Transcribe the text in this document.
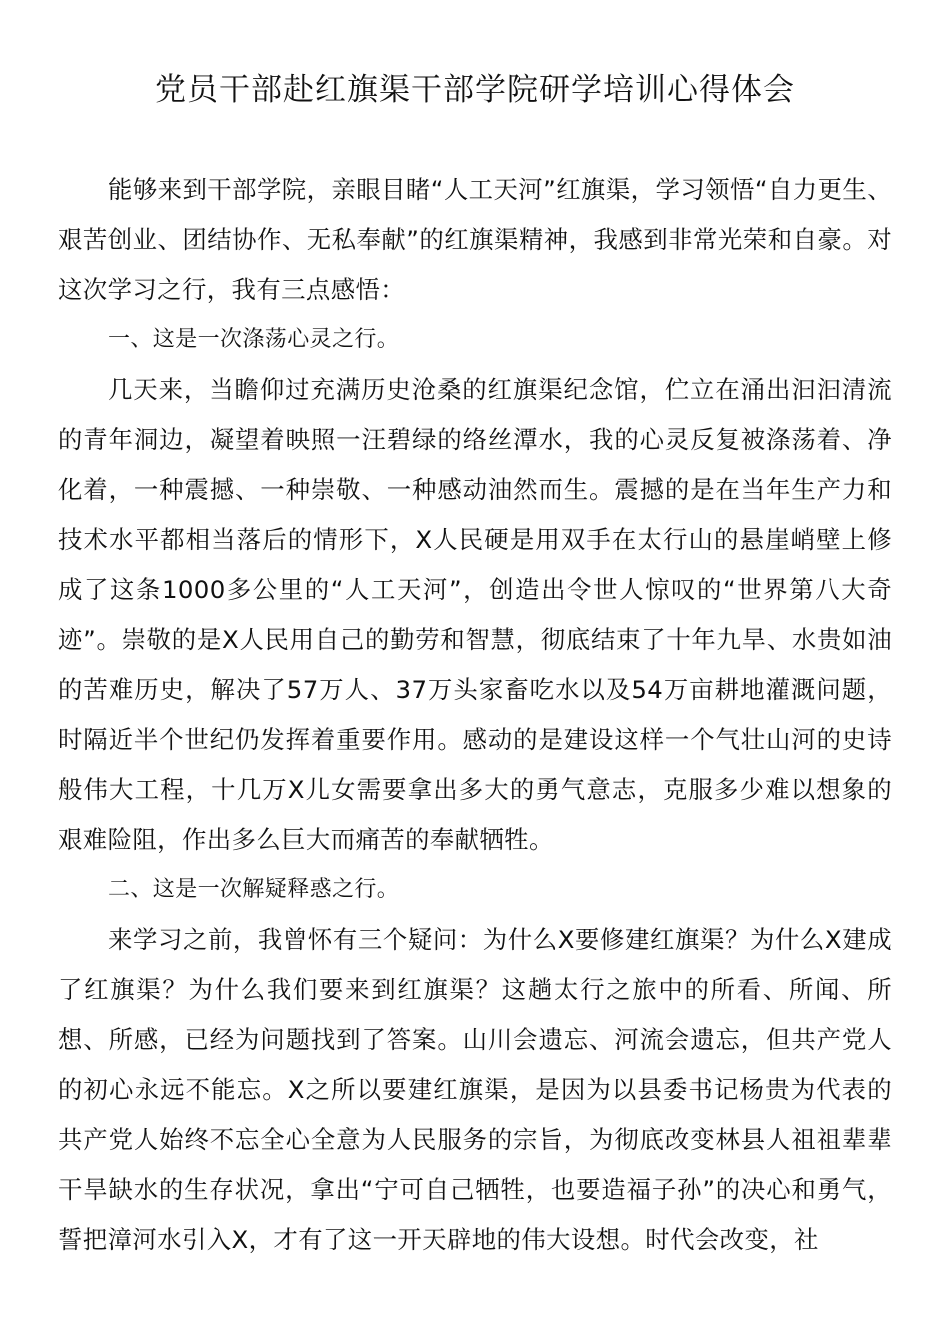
党员干部赴红旗渠干部学院研学培训心得体会

能够来到干部学院，亲眼目睹“人工天河”红旗渠，学习领悟“自力更生、艰苦创业、团结协作、无私奉献”的红旗渠精神，我感到非常光荣和自豪。对这次学习之行，我有三点感悟：

一、这是一次涤荡心灵之行。

几天来，当瞻仰过充满历史沧桑的红旗渠纪念馆，伫立在涌出汩汩清流的青年洞边，凝望着映照一汪碧绿的络丝潭水，我的心灵反复被涤荡着、净化着，一种震撼、一种崇敬、一种感动油然而生。震撼的是在当年生产力和技术水平都相当落后的情形下，X人民硬是用双手在太行山的悬崖峭壁上修成了这条1000多公里的“人工天河”，创造出令世人惊叹的“世界第八大奇迹”。崇敬的是X人民用自己的勤劳和智慧，彻底结束了十年九旱、水贵如油的苦难历史，解决了57万人、37万头家畜吃水以及54万亩耕地灌溉问题，时隔近半个世纪仍发挥着重要作用。感动的是建设这样一个气壮山河的史诗般伟大工程，十几万X儿女需要拿出多大的勇气意志，克服多少难以想象的艰难险阻，作出多么巨大而痛苦的奉献牺牲。

二、这是一次解疑释惑之行。

来学习之前，我曾怀有三个疑问：为什么X要修建红旗渠？为什么X建成了红旗渠？为什么我们要来到红旗渠？这趟太行之旅中的所看、所闻、所想、所感，已经为问题找到了答案。山川会遗忘、河流会遗忘，但共产党人的初心永远不能忘。X之所以要建红旗渠，是因为以县委书记杨贵为代表的共产党人始终不忘全心全意为人民服务的宗旨，为彻底改变林县人祖祖辈辈干旱缺水的生存状况，拿出“宁可自己牺牲，也要造福子孙”的决心和勇气，誓把漳河水引入X，才有了这一开天辟地的伟大设想。时代会改变，社
